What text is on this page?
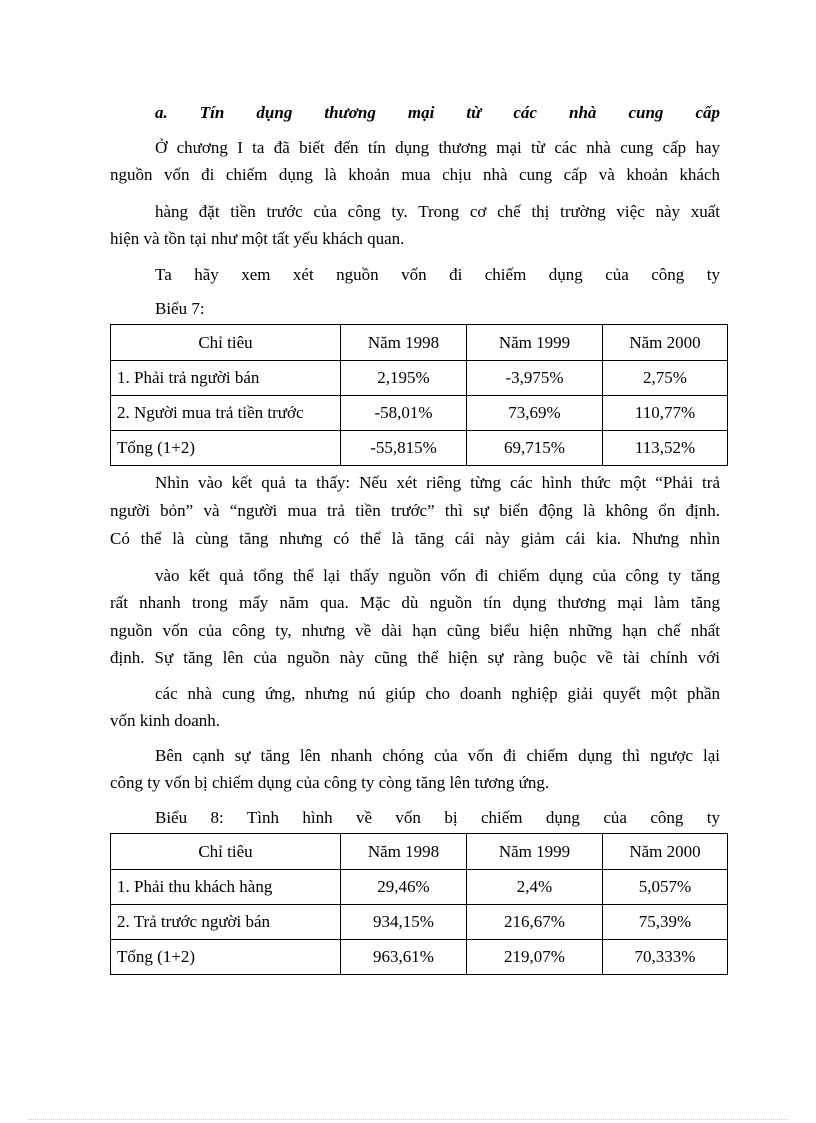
a. Tín dụng thương mại từ các nhà cung cấp

Ở chương I ta đã biết đến tín dụng thương mại từ các nhà cung cấp hay

nguồn vốn đi chiếm dụng là khoản mua chịu nhà cung cấp và khoản khách

hàng đặt tiền trước của công ty. Trong cơ chế thị trường việc này xuất

hiện và tồn tại như một tất yếu khách quan.

Ta hãy xem xét nguồn vốn đi chiếm dụng của công ty

Biểu 7:

Chỉ tiêu	Năm 1998	Năm 1999	Năm 2000
1. Phải trả người bán	2,195%	-3,975%	2,75%
2. Người mua trả tiền trước	-58,01%	73,69%	110,77%
Tổng (1+2)	-55,815%	69,715%	113,52%

Nhìn vào kết quả ta thấy: Nếu xét riêng từng các hình thức một “Phải trả

người bỏn” và “người mua trả tiền trước” thì sự biến động là không ổn định.

Có thể là cùng tăng nhưng có thể là tăng cái này giảm cái kia. Nhưng nhìn

vào kết quả tổng thể lại thấy nguồn vốn đi chiếm dụng của công ty tăng

rất nhanh trong mấy năm qua. Mặc dù nguồn tín dụng thương mại làm tăng

nguồn vốn của công ty, nhưng về dài hạn cũng biểu hiện những hạn chế nhất

định. Sự tăng lên của nguồn này cũng thể hiện sự ràng buộc về tài chính với

các nhà cung ứng, nhưng nú giúp cho doanh nghiệp giải quyết một phần

vốn kinh doanh.

Bên cạnh sự tăng lên nhanh chóng của vốn đi chiếm dụng thì ngược lại

công ty vốn bị chiếm dụng của công ty còng tăng lên tương ứng.

Biểu 8: Tình hình về vốn bị chiếm dụng của công ty

Chỉ tiêu	Năm 1998	Năm 1999	Năm 2000
1. Phải thu khách hàng	29,46%	2,4%	5,057%
2. Trả trước người bán	934,15%	216,67%	75,39%
Tổng (1+2)	963,61%	219,07%	70,333%
